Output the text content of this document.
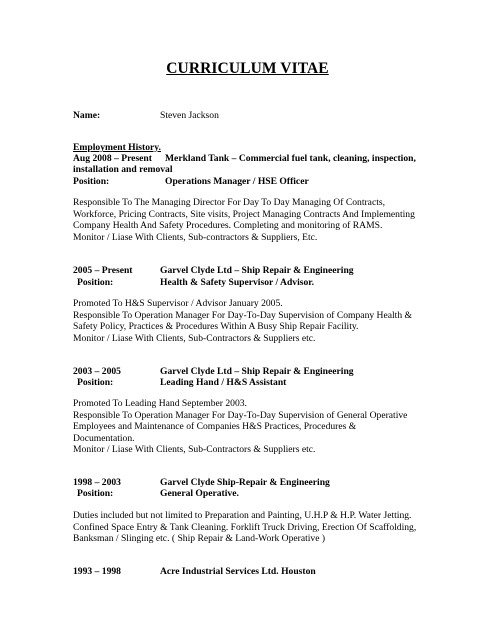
CURRICULUM VITAE
Name:	Steven Jackson
Employment History.
Aug 2008 – Present Merkland Tank – Commercial fuel tank, cleaning, inspection,
installation and removal
Position:	Operations Manager / HSE Officer
Responsible To The Managing Director For Day To Day Managing Of Contracts,
Workforce, Pricing Contracts, Site visits, Project Managing Contracts And Implementing
Company Health And Safety Procedures. Completing and monitoring of RAMS.
Monitor / Liase With Clients, Sub-contractors & Suppliers, Etc.
2005 – Present	Garvel Clyde Ltd – Ship Repair & Engineering
Position:	Health & Safety Supervisor / Advisor.
Promoted To H&S Supervisor / Advisor January 2005.
Responsible To Operation Manager For Day-To-Day Supervision of Company Health &
Safety Policy, Practices & Procedures Within A Busy Ship Repair Facility.
Monitor / Liase With Clients, Sub-Contractors & Suppliers etc.
2003 – 2005	Garvel Clyde Ltd – Ship Repair & Engineering
Position:	Leading Hand / H&S Assistant
Promoted To Leading Hand September 2003.
Responsible To Operation Manager For Day-To-Day Supervision of General Operative
Employees and Maintenance of Companies H&S Practices, Procedures &
Documentation.
Monitor / Liase With Clients, Sub-Contractors & Suppliers etc.
1998 – 2003	Garvel Clyde Ship-Repair & Engineering
Position:	General Operative.
Duties included but not limited to Preparation and Painting, U.H.P & H.P. Water Jetting.
Confined Space Entry & Tank Cleaning. Forklift Truck Driving, Erection Of Scaffolding,
Banksman / Slinging etc. ( Ship Repair & Land-Work Operative )
1993 – 1998	Acre Industrial Services Ltd. Houston
